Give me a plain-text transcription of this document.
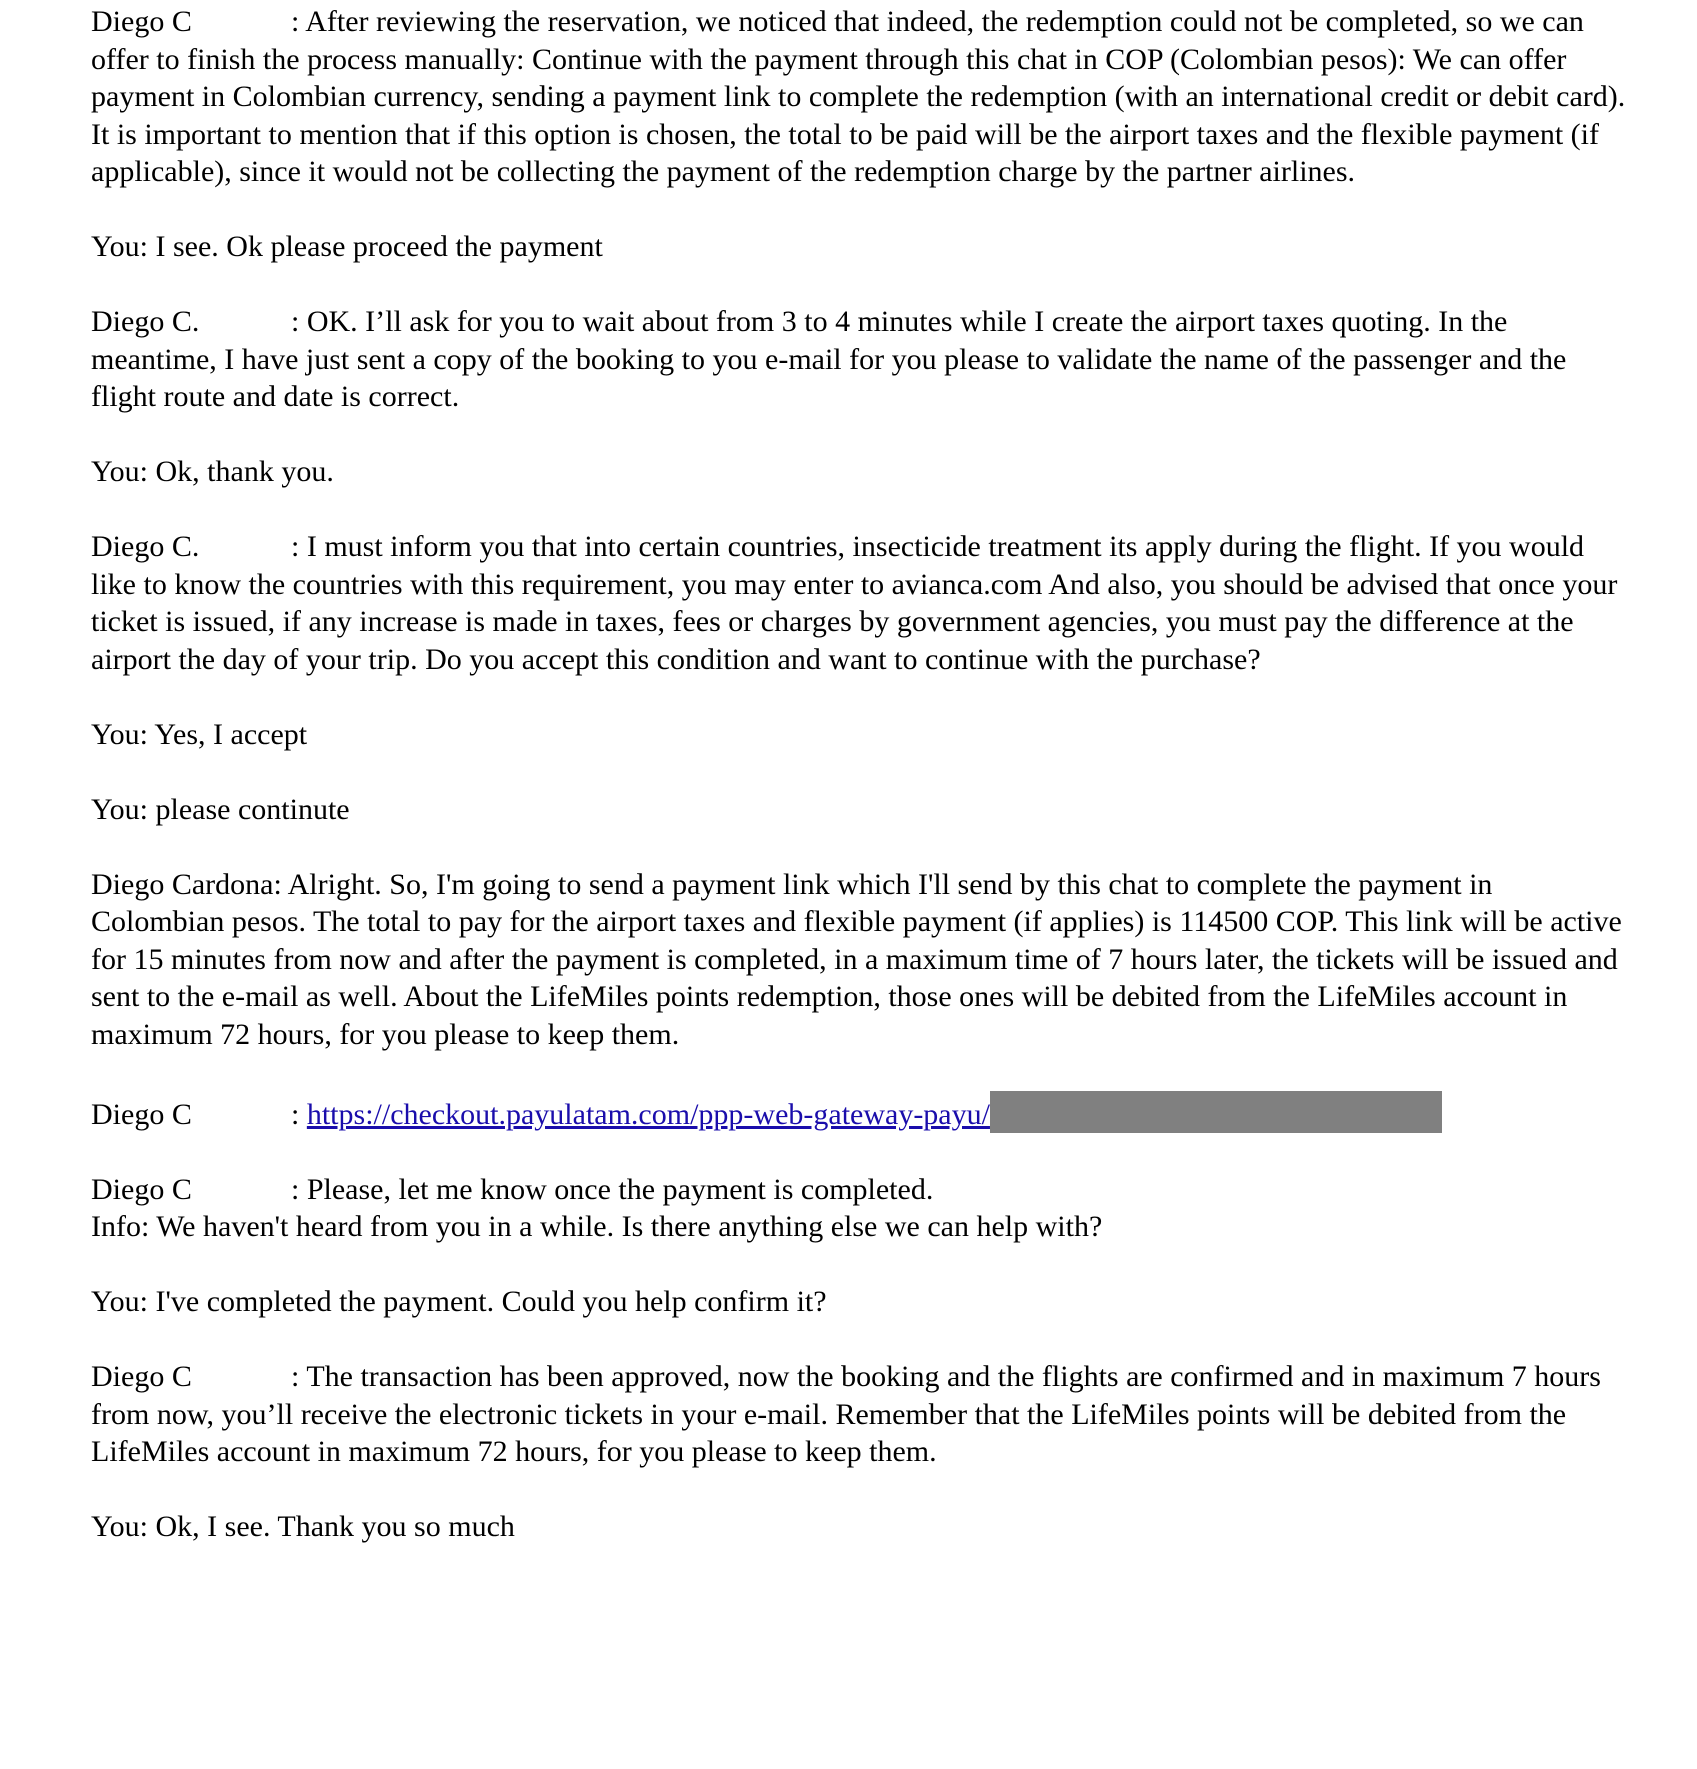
Diego C	: After reviewing the reservation, we noticed that indeed, the redemption could not be completed, so we can offer to finish the process manually: Continue with the payment through this chat in COP (Colombian pesos): We can offer payment in Colombian currency, sending a payment link to complete the redemption (with an international credit or debit card). It is important to mention that if this option is chosen, the total to be paid will be the airport taxes and the flexible payment (if applicable), since it would not be collecting the payment of the redemption charge by the partner airlines.

You: I see. Ok please proceed the payment

Diego C.	: OK. I’ll ask for you to wait about from 3 to 4 minutes while I create the airport taxes quoting. In the meantime, I have just sent a copy of the booking to you e-mail for you please to validate the name of the passenger and the flight route and date is correct.

You: Ok, thank you.

Diego C.	: I must inform you that into certain countries, insecticide treatment its apply during the flight. If you would like to know the countries with this requirement, you may enter to avianca.com And also, you should be advised that once your ticket is issued, if any increase is made in taxes, fees or charges by government agencies, you must pay the difference at the airport the day of your trip. Do you accept this condition and want to continue with the purchase?

You: Yes, I accept

You: please continute

Diego Cardona: Alright. So, I'm going to send a payment link which I'll send by this chat to complete the payment in Colombian pesos. The total to pay for the airport taxes and flexible payment (if applies) is 114500 COP. This link will be active for 15 minutes from now and after the payment is completed, in a maximum time of 7 hours later, the tickets will be issued and sent to the e-mail as well. About the LifeMiles points redemption, those ones will be debited from the LifeMiles account in maximum 72 hours, for you please to keep them.

Diego C	: https://checkout.payulatam.com/ppp-web-gateway-payu/

Diego C	: Please, let me know once the payment is completed.

Info: We haven't heard from you in a while. Is there anything else we can help with?

You: I've completed the payment. Could you help confirm it?

Diego C	: The transaction has been approved, now the booking and the flights are confirmed and in maximum 7 hours from now, you’ll receive the electronic tickets in your e-mail. Remember that the LifeMiles points will be debited from the LifeMiles account in maximum 72 hours, for you please to keep them.

You: Ok, I see. Thank you so much
